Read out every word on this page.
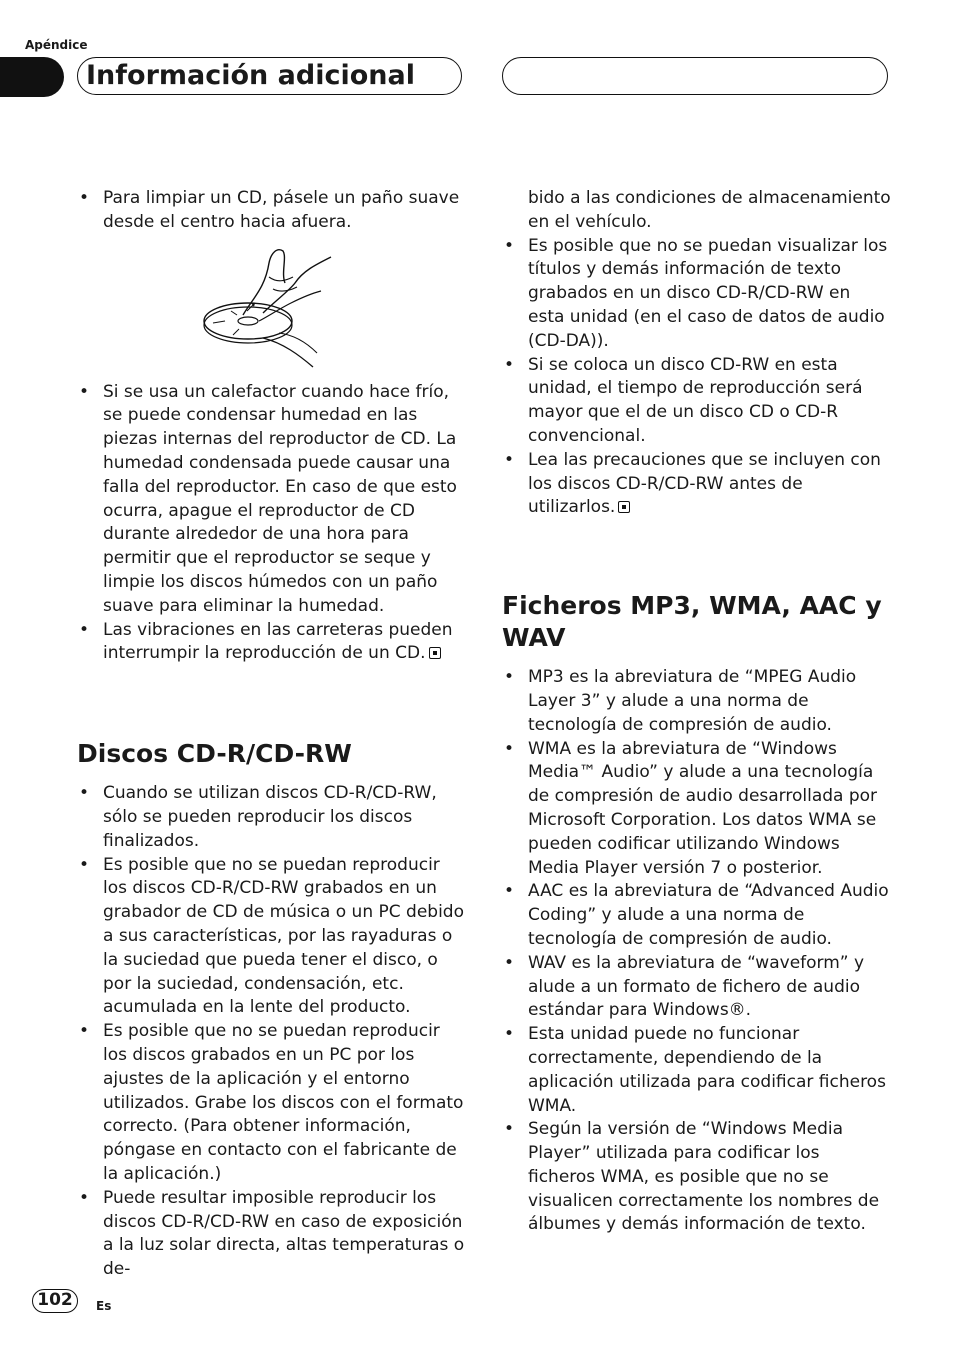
Apéndice
Información adicional
• Para limpiar un CD, pásele un paño suave desde el centro hacia afuera.
• Si se usa un calefactor cuando hace frío, se puede condensar humedad en las piezas internas del reproductor de CD. La humedad condensada puede causar una falla del reproductor. En caso de que esto ocurra, apague el reproductor de CD durante alrededor de una hora para permitir que el reproductor se seque y limpie los discos húmedos con un paño suave para eliminar la humedad.
• Las vibraciones en las carreteras pueden interrumpir la reproducción de un CD.
Discos CD-R/CD-RW
• Cuando se utilizan discos CD-R/CD-RW, sólo se pueden reproducir los discos finalizados.
• Es posible que no se puedan reproducir los discos CD-R/CD-RW grabados en un grabador de CD de música o un PC debido a sus características, por las rayaduras o la suciedad que pueda tener el disco, o por la suciedad, condensación, etc. acumulada en la lente del producto.
• Es posible que no se puedan reproducir los discos grabados en un PC por los ajustes de la aplicación y el entorno utilizados. Grabe los discos con el formato correcto. (Para obtener información, póngase en contacto con el fabricante de la aplicación.)
• Puede resultar imposible reproducir los discos CD-R/CD-RW en caso de exposición a la luz solar directa, altas temperaturas o de-

bido a las condiciones de almacenamiento en el vehículo.

• Es posible que no se puedan visualizar los títulos y demás información de texto grabados en un disco CD-R/CD-RW en esta unidad (en el caso de datos de audio (CD-DA)).
• Si se coloca un disco CD-RW en esta unidad, el tiempo de reproducción será mayor que el de un disco CD o CD-R convencional.
• Lea las precauciones que se incluyen con los discos CD-R/CD-RW antes de utilizarlos.
Ficheros MP3, WMA, AAC y WAV
• MP3 es la abreviatura de “MPEG Audio Layer 3” y alude a una norma de tecnología de compresión de audio.
• WMA es la abreviatura de “Windows Media™ Audio” y alude a una tecnología de compresión de audio desarrollada por Microsoft Corporation. Los datos WMA se pueden codificar utilizando Windows Media Player versión 7 o posterior.
• AAC es la abreviatura de “Advanced Audio Coding” y alude a una norma de tecnología de compresión de audio.
• WAV es la abreviatura de “waveform” y alude a un formato de fichero de audio estándar para Windows®.
• Esta unidad puede no funcionar correctamente, dependiendo de la aplicación utilizada para codificar ficheros WMA.
• Según la versión de “Windows Media Player” utilizada para codificar los ficheros WMA, es posible que no se visualicen correctamente los nombres de álbumes y demás información de texto.
102	Es
